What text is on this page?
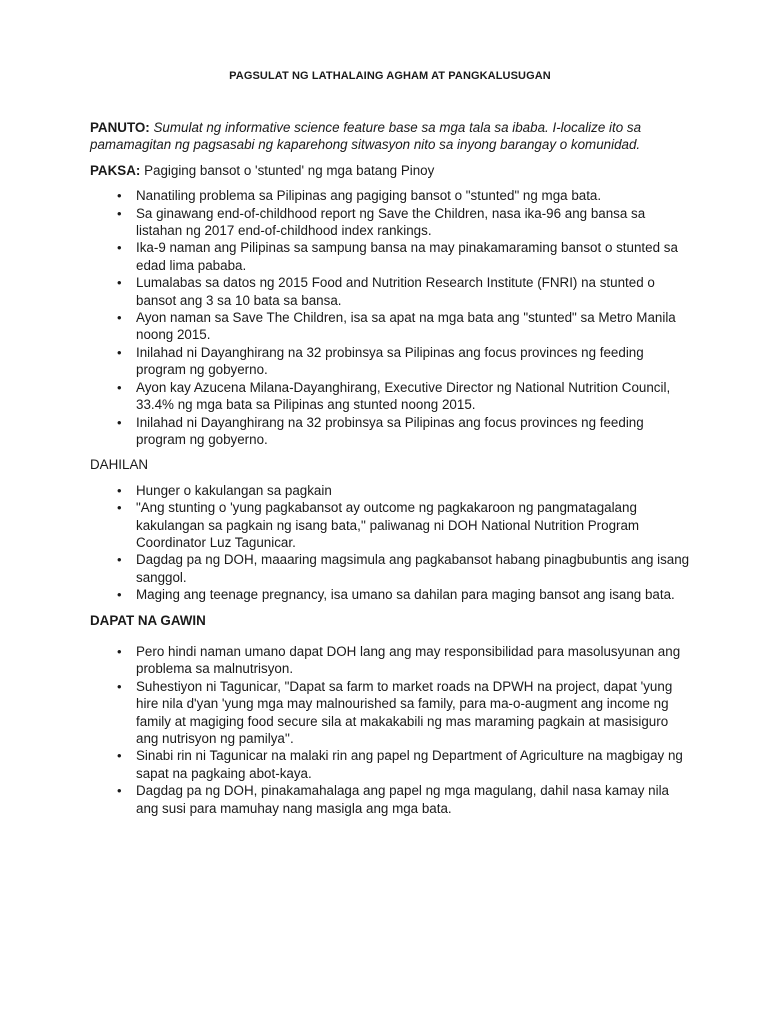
PAGSULAT NG LATHALAING AGHAM AT PANGKALUSUGAN

PANUTO: Sumulat ng informative science feature base sa mga tala sa ibaba. I-localize ito sa pamamagitan ng pagsasabi ng kaparehong sitwasyon nito sa inyong barangay o komunidad.

PAKSA: Pagiging bansot o 'stunted' ng mga batang Pinoy

• Nanatiling problema sa Pilipinas ang pagiging bansot o "stunted" ng mga bata.
• Sa ginawang end-of-childhood report ng Save the Children, nasa ika-96 ang bansa sa listahan ng 2017 end-of-childhood index rankings.
• Ika-9 naman ang Pilipinas sa sampung bansa na may pinakamaraming bansot o stunted sa edad lima pababa.
• Lumalabas sa datos ng 2015 Food and Nutrition Research Institute (FNRI) na stunted o bansot ang 3 sa 10 bata sa bansa.
• Ayon naman sa Save The Children, isa sa apat na mga bata ang "stunted" sa Metro Manila noong 2015.
• Inilahad ni Dayanghirang na 32 probinsya sa Pilipinas ang focus provinces ng feeding program ng gobyerno.
• Ayon kay Azucena Milana-Dayanghirang, Executive Director ng National Nutrition Council, 33.4% ng mga bata sa Pilipinas ang stunted noong 2015.
• Inilahad ni Dayanghirang na 32 probinsya sa Pilipinas ang focus provinces ng feeding program ng gobyerno.
DAHILAN
• Hunger o kakulangan sa pagkain
• "Ang stunting o 'yung pagkabansot ay outcome ng pagkakaroon ng pangmatagalang kakulangan sa pagkain ng isang bata,'' paliwanag ni DOH National Nutrition Program Coordinator Luz Tagunicar.
• Dagdag pa ng DOH, maaaring magsimula ang pagkabansot habang pinagbubuntis ang isang sanggol.
• Maging ang teenage pregnancy, isa umano sa dahilan para maging bansot ang isang bata.
DAPAT NA GAWIN
• Pero hindi naman umano dapat DOH lang ang may responsibilidad para masolusyunan ang problema sa malnutrisyon.
• Suhestiyon ni Tagunicar, "Dapat sa farm to market roads na DPWH na project, dapat 'yung hire nila d'yan 'yung mga may malnourished sa family, para ma-o-augment ang income ng family at magiging food secure sila at makakabili ng mas maraming pagkain at masisiguro ang nutrisyon ng pamilya''.
• Sinabi rin ni Tagunicar na malaki rin ang papel ng Department of Agriculture na magbigay ng sapat na pagkaing abot-kaya.
• Dagdag pa ng DOH, pinakamahalaga ang papel ng mga magulang, dahil nasa kamay nila ang susi para mamuhay nang masigla ang mga bata.
